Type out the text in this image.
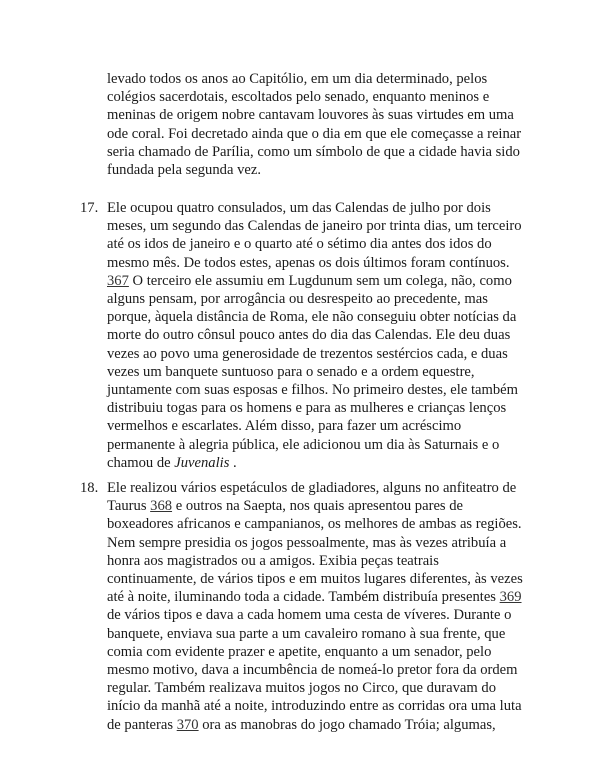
levado todos os anos ao Capitólio, em um dia determinado, pelos
colégios sacerdotais, escoltados pelo senado, enquanto meninos e
meninas de origem nobre cantavam louvores às suas virtudes em uma
ode coral. Foi decretado ainda que o dia em que ele começasse a reinar
seria chamado de Parília, como um símbolo de que a cidade havia sido
fundada pela segunda vez.
17. Ele ocupou quatro consulados, um das Calendas de julho por dois
meses, um segundo das Calendas de janeiro por trinta dias, um terceiro
até os idos de janeiro e o quarto até o sétimo dia antes dos idos do
mesmo mês. De todos estes, apenas os dois últimos foram contínuos.
367 O terceiro ele assumiu em Lugdunum sem um colega, não, como
alguns pensam, por arrogância ou desrespeito ao precedente, mas
porque, àquela distância de Roma, ele não conseguiu obter notícias da
morte do outro cônsul pouco antes do dia das Calendas. Ele deu duas
vezes ao povo uma generosidade de trezentos sestércios cada, e duas
vezes um banquete suntuoso para o senado e a ordem equestre,
juntamente com suas esposas e filhos. No primeiro destes, ele também
distribuiu togas para os homens e para as mulheres e crianças lenços
vermelhos e escarlates. Além disso, para fazer um acréscimo
permanente à alegria pública, ele adicionou um dia às Saturnais e o
chamou de Juvenalis .
18. Ele realizou vários espetáculos de gladiadores, alguns no anfiteatro de
Taurus 368 e outros na Saepta, nos quais apresentou pares de
boxeadores africanos e campanianos, os melhores de ambas as regiões.
Nem sempre presidia os jogos pessoalmente, mas às vezes atribuía a
honra aos magistrados ou a amigos. Exibia peças teatrais
continuamente, de vários tipos e em muitos lugares diferentes, às vezes
até à noite, iluminando toda a cidade. Também distribuía presentes 369
de vários tipos e dava a cada homem uma cesta de víveres. Durante o
banquete, enviava sua parte a um cavaleiro romano à sua frente, que
comia com evidente prazer e apetite, enquanto a um senador, pelo
mesmo motivo, dava a incumbência de nomeá-lo pretor fora da ordem
regular. Também realizava muitos jogos no Circo, que duravam do
início da manhã até a noite, introduzindo entre as corridas ora uma luta
de panteras 370 ora as manobras do jogo chamado Tróia; algumas,
